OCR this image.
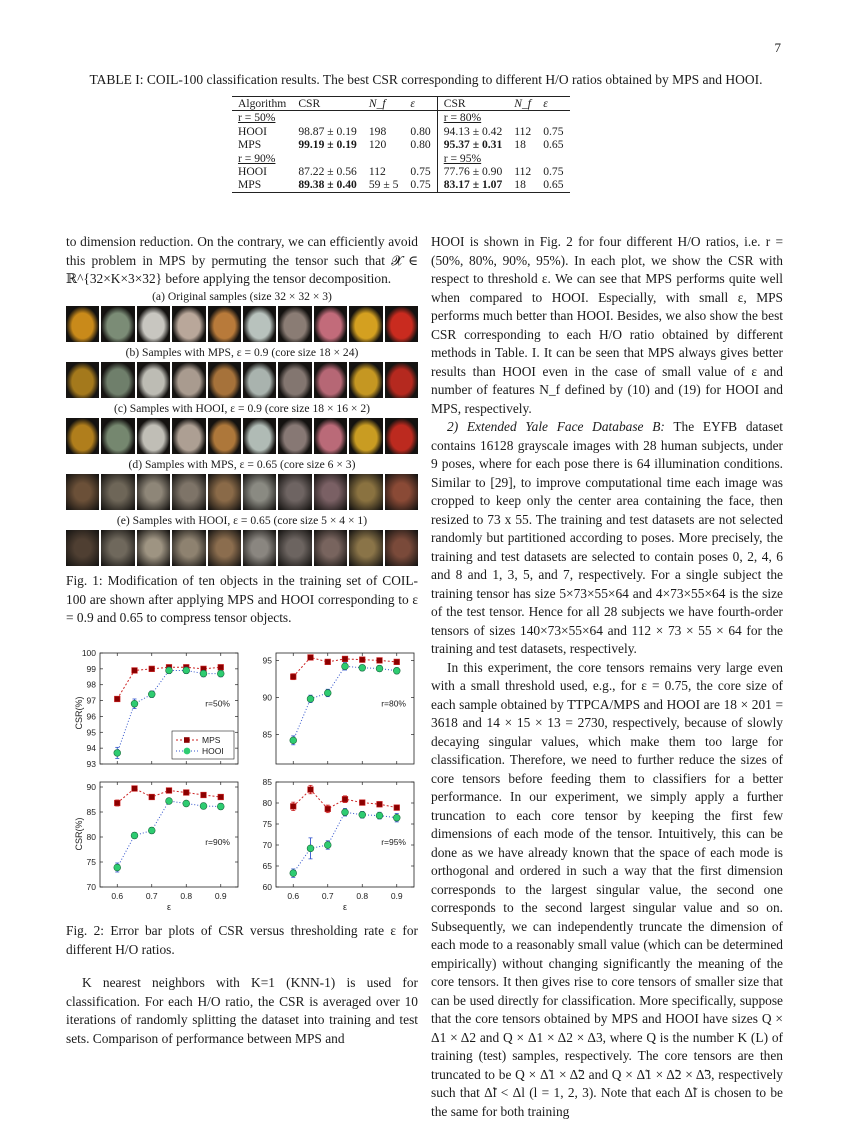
7
TABLE I: COIL-100 classification results. The best CSR corresponding to different H/O ratios obtained by MPS and HOOI.
Algorithm	CSR	N_f	ε	CSR	N_f	ε
r = 50%				r = 80%		
HOOI	98.87 ± 0.19	198	0.80	94.13 ± 0.42	112	0.75
MPS	99.19 ± 0.19	120	0.80	95.37 ± 0.31	18	0.65
r = 90%				r = 95%		
HOOI	87.22 ± 0.56	112	0.75	77.76 ± 0.90	112	0.75
MPS	89.38 ± 0.40	59 ± 5	0.75	83.17 ± 1.07	18	0.65

to dimension reduction. On the contrary, we can efficiently avoid this problem in MPS by permuting the tensor such that 𝓧 ∈ ℝ^{32×K×3×32} before applying the tensor decomposition.

(a) Original samples (size 32 × 32 × 3)
(b) Samples with MPS, ε = 0.9 (core size 18 × 24)
(c) Samples with HOOI, ε = 0.9 (core size 18 × 16 × 2)
(d) Samples with MPS, ε = 0.65 (core size 6 × 3)
(e) Samples with HOOI, ε = 0.65 (core size 5 × 4 × 1)
Fig. 1: Modification of ten objects in the training set of COIL-100 are shown after applying MPS and HOOI corresponding to ε = 0.9 and 0.65 to compress tensor objects.
93
94
95
96
97
98
99
100
r=50%
85
90
95
r=80%
70
75
80
85
90
0.6	0.7	0.8	0.9
r=90%
60
65
70
75
80
85
0.6	0.7	0.8	0.9
r=95%
CSR(%)
CSR(%)
ε	ε
MPS
HOOI
Fig. 2: Error bar plots of CSR versus thresholding rate ε for different H/O ratios.

K nearest neighbors with K=1 (KNN-1) is used for classification. For each H/O ratio, the CSR is averaged over 10 iterations of randomly splitting the dataset into training and test sets. Comparison of performance between MPS and

HOOI is shown in Fig. 2 for four different H/O ratios, i.e. r = (50%, 80%, 90%, 95%). In each plot, we show the CSR with respect to threshold ε. We can see that MPS performs quite well when compared to HOOI. Especially, with small ε, MPS performs much better than HOOI. Besides, we also show the best CSR corresponding to each H/O ratio obtained by different methods in Table. I. It can be seen that MPS always gives better results than HOOI even in the case of small value of ε and number of features N_f defined by (10) and (19) for HOOI and MPS, respectively.

2) Extended Yale Face Database B: The EYFB dataset contains 16128 grayscale images with 28 human subjects, under 9 poses, where for each pose there is 64 illumination conditions. Similar to [29], to improve computational time each image was cropped to keep only the center area containing the face, then resized to 73 x 55. The training and test datasets are not selected randomly but partitioned according to poses. More precisely, the training and test datasets are selected to contain poses 0, 2, 4, 6 and 8 and 1, 3, 5, and 7, respectively. For a single subject the training tensor has size 5×73×55×64 and 4×73×55×64 is the size of the test tensor. Hence for all 28 subjects we have fourth-order tensors of sizes 140×73×55×64 and 112 × 73 × 55 × 64 for the training and test datasets, respectively.

In this experiment, the core tensors remains very large even with a small threshold used, e.g., for ε = 0.75, the core size of each sample obtained by TTPCA/MPS and HOOI are 18 × 201 = 3618 and 14 × 15 × 13 = 2730, respectively, because of slowly decaying singular values, which make them too large for classification. Therefore, we need to further reduce the sizes of core tensors before feeding them to classifiers for a better performance. In our experiment, we simply apply a further truncation to each core tensor by keeping the first few dimensions of each mode of the tensor. Intuitively, this can be done as we have already known that the space of each mode is orthogonal and ordered in such a way that the first dimension corresponds to the largest singular value, the second one corresponds to the second largest singular value and so on. Subsequently, we can independently truncate the dimension of each mode to a reasonably small value (which can be determined empirically) without changing significantly the meaning of the core tensors. It then gives rise to core tensors of smaller size that can be used directly for classification. More specifically, suppose that the core tensors obtained by MPS and HOOI have sizes Q × Δ1 × Δ2 and Q × Δ1 × Δ2 × Δ3, where Q is the number K (L) of training (test) samples, respectively. The core tensors are then truncated to be Q × Δ̃1 × Δ̃2 and Q × Δ̃1 × Δ̃2 × Δ̃3, respectively such that Δ̃l < Δl (l = 1, 2, 3). Note that each Δ̃l is chosen to be the same for both training
